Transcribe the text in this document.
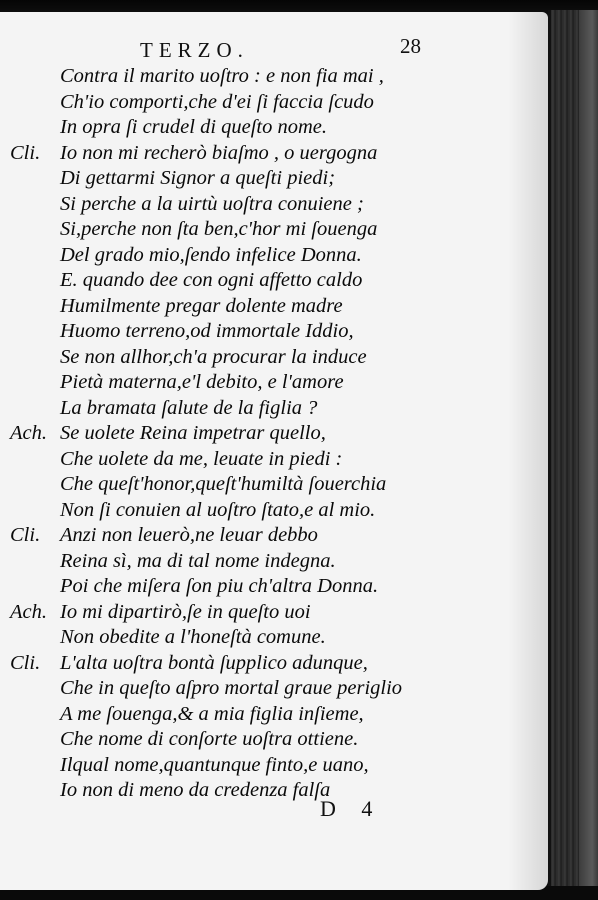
TERZO.	28
Contra il marito uoſtro : e non fia mai ,
Ch'io comporti,che d'ei ſi faccia ſcudo
In opra ſi crudel di queſto nome.
Cli. Io non mi recherò biaſmo , o uergogna
Di gettarmi Signor a queſti piedi;
Si perche a la uirtù uoſtra conuiene ;
Si,perche non ſta ben,c'hor mi ſouenga
Del grado mio,ſendo infelice Donna.
E. quando dee con ogni affetto caldo
Humilmente pregar dolente madre
Huomo terreno,od immortale Iddio,
Se non allhor,ch'a procurar la induce
Pietà materna,e'l debito, e l'amore
La bramata ſalute de la figlia ?
Ach. Se uolete Reina impetrar quello,
Che uolete da me, leuate in piedi :
Che queſt'honor,queſt'humiltà ſouerchia
Non ſi conuien al uoſtro ſtato,e al mio.
Cli. Anzi non leuerò,ne leuar debbo
Reina sì, ma di tal nome indegna.
Poi che miſera ſon piu ch'altra Donna.
Ach. Io mi dipartirò,ſe in queſto uoi
Non obedite a l'honeſtà comune.
Cli. L'alta uoſtra bontà ſupplico adunque,
Che in queſto aſpro mortal graue periglio
A me ſouenga,& a mia figlia inſieme,
Che nome di conſorte uoſtra ottiene.
Ilqual nome,quantunque finto,e uano,
Io non di meno da credenza falſa
D 4
